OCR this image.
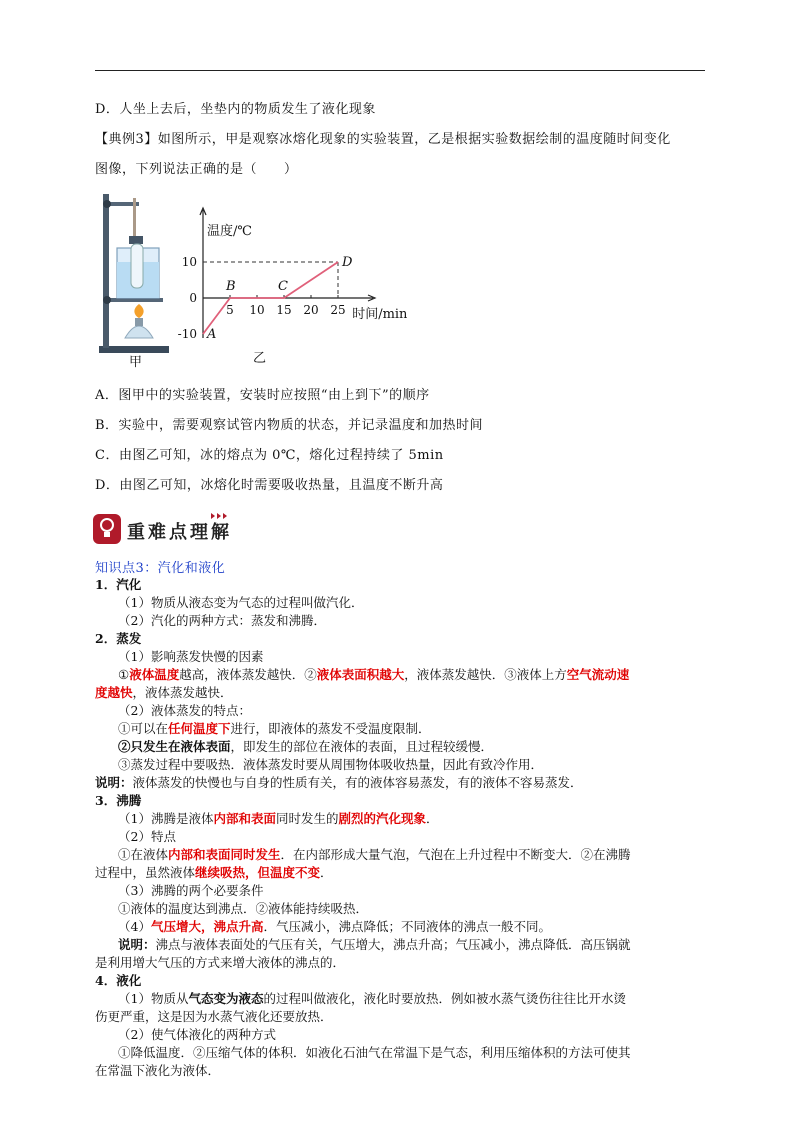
D．人坐上去后，坐垫内的物质发生了液化现象
【典例3】如图所示，甲是观察冰熔化现象的实验装置，乙是根据实验数据绘制的温度随时间变化
图像，下列说法正确的是（　　）
甲
温度/℃
时间/min
5 10 15 20 25
10
0
-10 A
B	C
D
乙
A．图甲中的实验装置，安装时应按照“由上到下”的顺序
B．实验中，需要观察试管内物质的状态，并记录温度和加热时间
C．由图乙可知，冰的熔点为 0℃，熔化过程持续了 5min
D．由图乙可知，冰熔化时需要吸收热量，且温度不断升高
重难点理解
知识点3：汽化和液化
1．汽化
（1）物质从液态变为气态的过程叫做汽化．
（2）汽化的两种方式：蒸发和沸腾．
2．蒸发
（1）影响蒸发快慢的因素
①液体温度越高，液体蒸发越快．②液体表面积越大，液体蒸发越快．③液体上方空气流动速
度越快，液体蒸发越快．
（2）液体蒸发的特点：
①可以在任何温度下进行，即液体的蒸发不受温度限制．
②只发生在液体表面，即发生的部位在液体的表面，且过程较缓慢．
③蒸发过程中要吸热．液体蒸发时要从周围物体吸收热量，因此有致冷作用．
说明：液体蒸发的快慢也与自身的性质有关，有的液体容易蒸发，有的液体不容易蒸发．
3．沸腾
（1）沸腾是液体内部和表面同时发生的剧烈的汽化现象．
（2）特点
①在液体内部和表面同时发生．在内部形成大量气泡，气泡在上升过程中不断变大．②在沸腾
过程中，虽然液体继续吸热，但温度不变．
（3）沸腾的两个必要条件
①液体的温度达到沸点．②液体能持续吸热．
（4）气压增大，沸点升高．气压减小，沸点降低；不同液体的沸点一般不同。
说明：沸点与液体表面处的气压有关，气压增大，沸点升高；气压减小，沸点降低．高压锅就
是利用增大气压的方式来增大液体的沸点的．
4．液化
（1）物质从气态变为液态的过程叫做液化，液化时要放热．例如被水蒸气烫伤往往比开水烫
伤更严重，这是因为水蒸气液化还要放热．
（2）使气体液化的两种方式
①降低温度．②压缩气体的体积．如液化石油气在常温下是气态，利用压缩体积的方法可使其
在常温下液化为液体．
